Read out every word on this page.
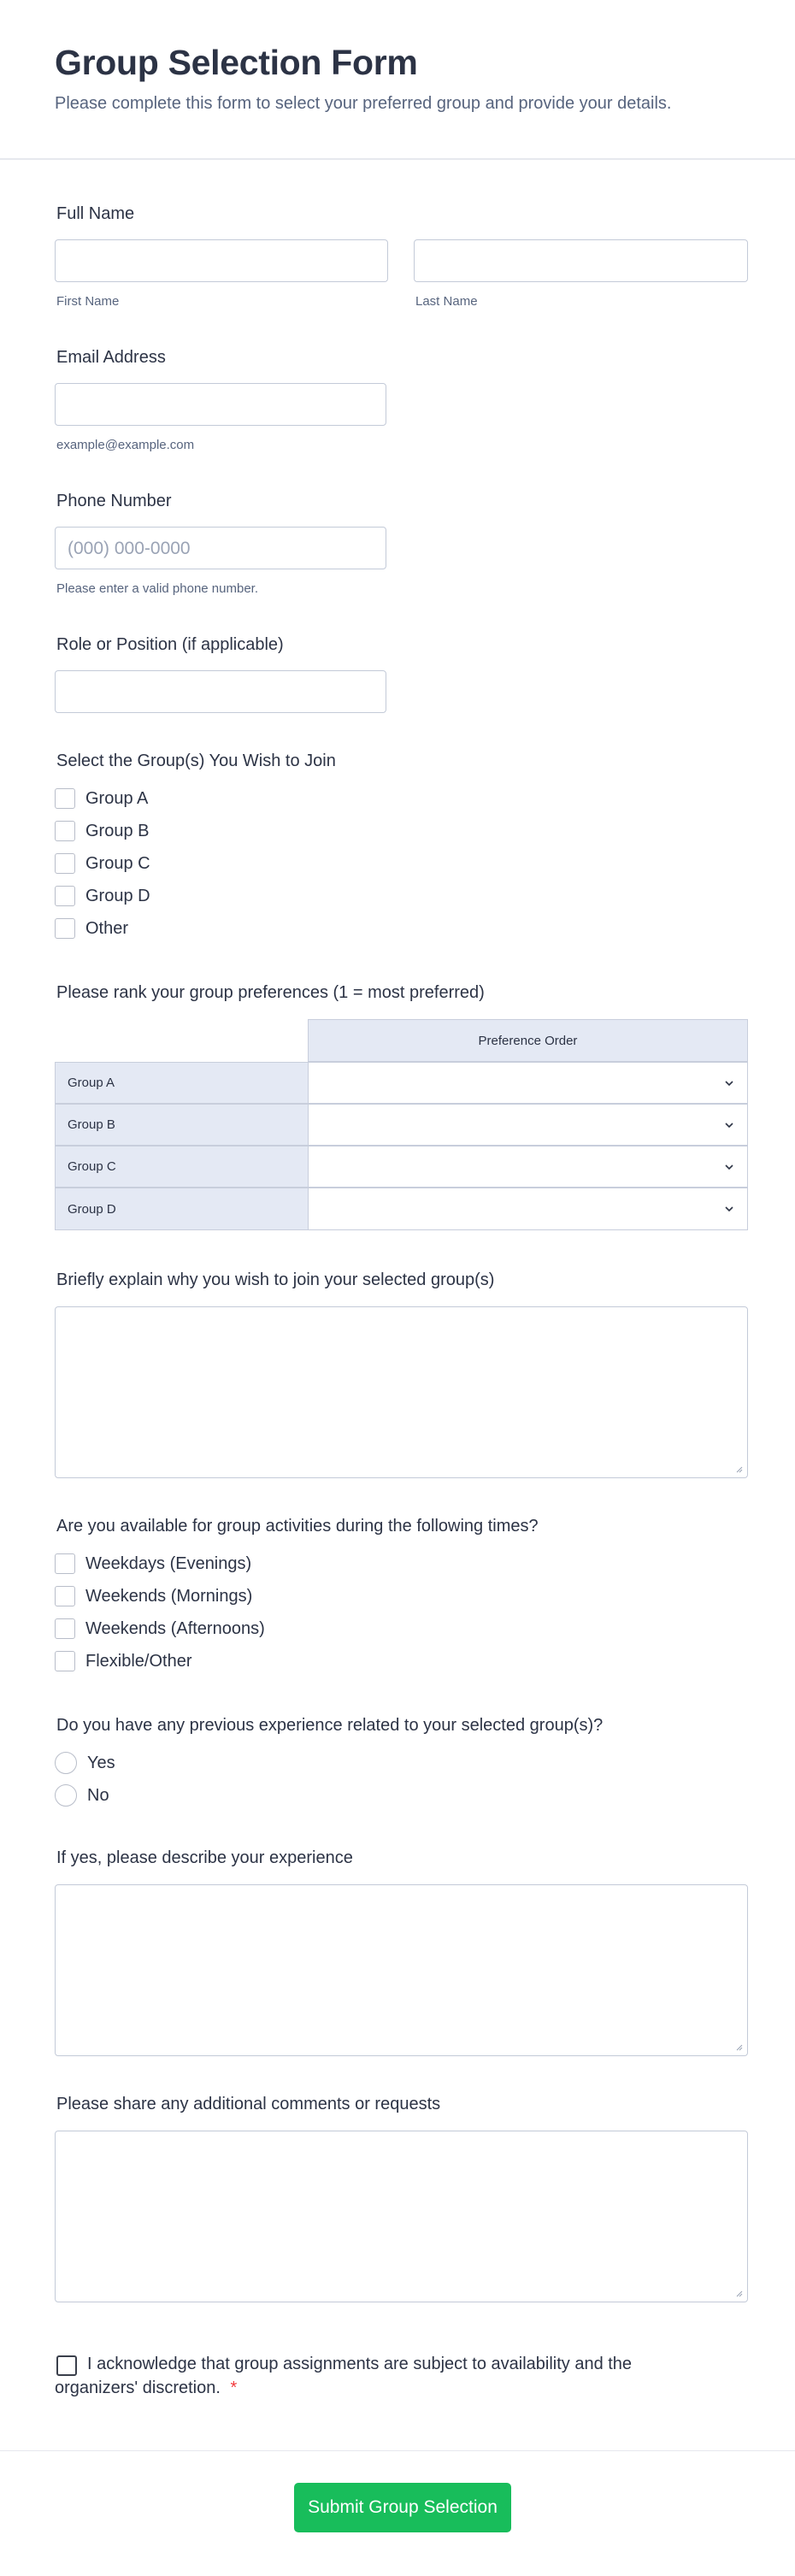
Group Selection Form
Please complete this form to select your preferred group and provide your details.
Full Name
First Name	Last Name
Email Address
example@example.com
Phone Number
(000) 000-0000
Please enter a valid phone number.
Role or Position (if applicable)
Select the Group(s) You Wish to Join
Group A
Group B
Group C
Group D
Other
Please rank your group preferences (1 = most preferred)
Preference Order
Group A
Group B
Group C
Group D
Briefly explain why you wish to join your selected group(s)
Are you available for group activities during the following times?
Weekdays (Evenings)
Weekends (Mornings)
Weekends (Afternoons)
Flexible/Other
Do you have any previous experience related to your selected group(s)?
Yes
No
If yes, please describe your experience
Please share any additional comments or requests
I acknowledge that group assignments are subject to availability and the
organizers' discretion. *
Submit Group Selection
